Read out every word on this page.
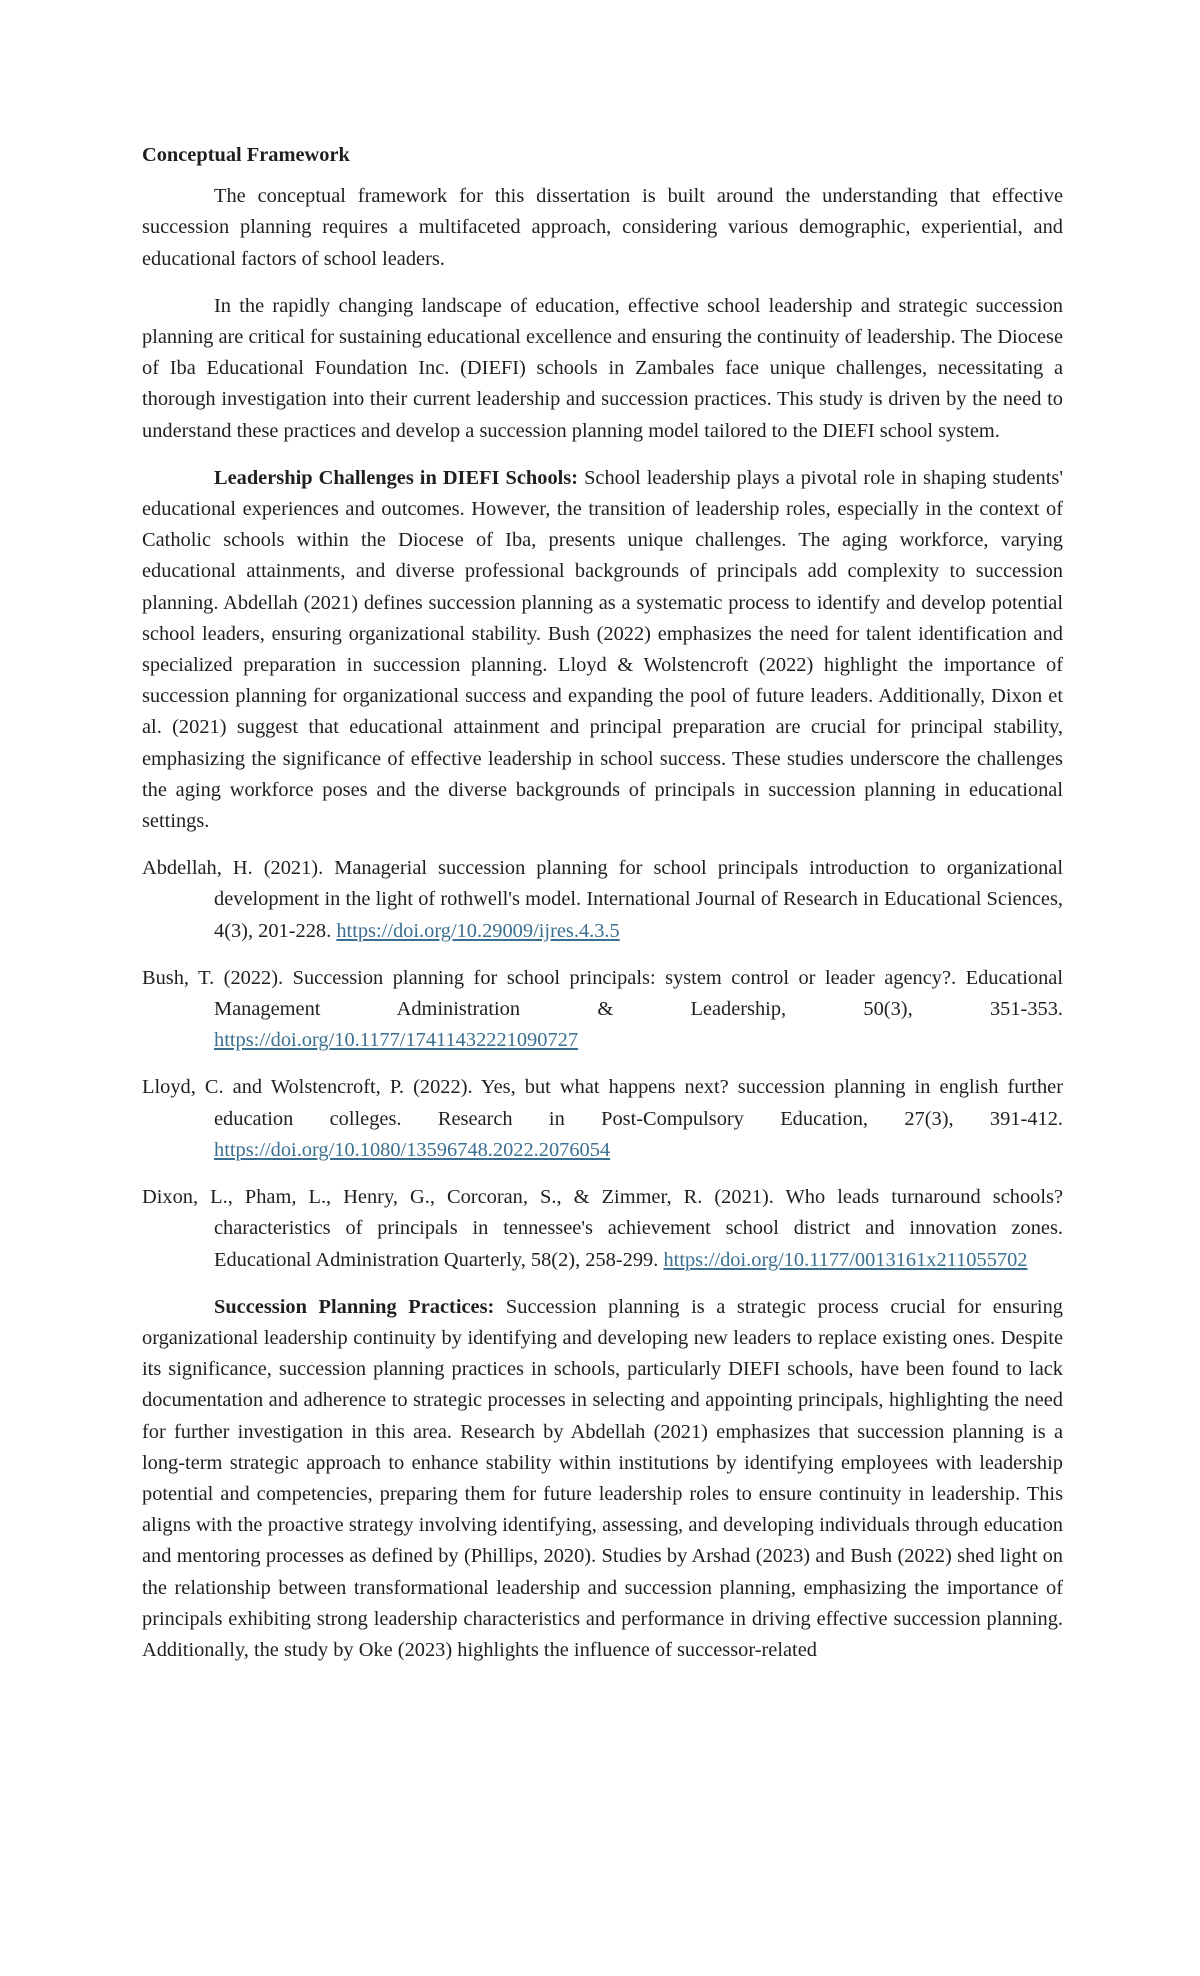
Conceptual Framework

The conceptual framework for this dissertation is built around the understanding that effective succession planning requires a multifaceted approach, considering various demographic, experiential, and educational factors of school leaders.

In the rapidly changing landscape of education, effective school leadership and strategic succession planning are critical for sustaining educational excellence and ensuring the continuity of leadership. The Diocese of Iba Educational Foundation Inc. (DIEFI) schools in Zambales face unique challenges, necessitating a thorough investigation into their current leadership and succession practices. This study is driven by the need to understand these practices and develop a succession planning model tailored to the DIEFI school system.

Leadership Challenges in DIEFI Schools: School leadership plays a pivotal role in shaping students' educational experiences and outcomes. However, the transition of leadership roles, especially in the context of Catholic schools within the Diocese of Iba, presents unique challenges. The aging workforce, varying educational attainments, and diverse professional backgrounds of principals add complexity to succession planning. Abdellah (2021) defines succession planning as a systematic process to identify and develop potential school leaders, ensuring organizational stability. Bush (2022) emphasizes the need for talent identification and specialized preparation in succession planning. Lloyd & Wolstencroft (2022) highlight the importance of succession planning for organizational success and expanding the pool of future leaders. Additionally, Dixon et al. (2021) suggest that educational attainment and principal preparation are crucial for principal stability, emphasizing the significance of effective leadership in school success. These studies underscore the challenges the aging workforce poses and the diverse backgrounds of principals in succession planning in educational settings.

Abdellah, H. (2021). Managerial succession planning for school principals introduction to organizational development in the light of rothwell's model. International Journal of Research in Educational Sciences, 4(3), 201-228. https://doi.org/10.29009/ijres.4.3.5

Bush, T. (2022). Succession planning for school principals: system control or leader agency?. Educational Management Administration & Leadership, 50(3), 351-353. https://doi.org/10.1177/17411432221090727

Lloyd, C. and Wolstencroft, P. (2022). Yes, but what happens next? succession planning in english further education colleges. Research in Post-Compulsory Education, 27(3), 391-412. https://doi.org/10.1080/13596748.2022.2076054

Dixon, L., Pham, L., Henry, G., Corcoran, S., & Zimmer, R. (2021). Who leads turnaround schools? characteristics of principals in tennessee's achievement school district and innovation zones. Educational Administration Quarterly, 58(2), 258-299. https://doi.org/10.1177/0013161x211055702

Succession Planning Practices: Succession planning is a strategic process crucial for ensuring organizational leadership continuity by identifying and developing new leaders to replace existing ones. Despite its significance, succession planning practices in schools, particularly DIEFI schools, have been found to lack documentation and adherence to strategic processes in selecting and appointing principals, highlighting the need for further investigation in this area. Research by Abdellah (2021) emphasizes that succession planning is a long-term strategic approach to enhance stability within institutions by identifying employees with leadership potential and competencies, preparing them for future leadership roles to ensure continuity in leadership. This aligns with the proactive strategy involving identifying, assessing, and developing individuals through education and mentoring processes as defined by (Phillips, 2020). Studies by Arshad (2023) and Bush (2022) shed light on the relationship between transformational leadership and succession planning, emphasizing the importance of principals exhibiting strong leadership characteristics and performance in driving effective succession planning. Additionally, the study by Oke (2023) highlights the influence of successor-related
